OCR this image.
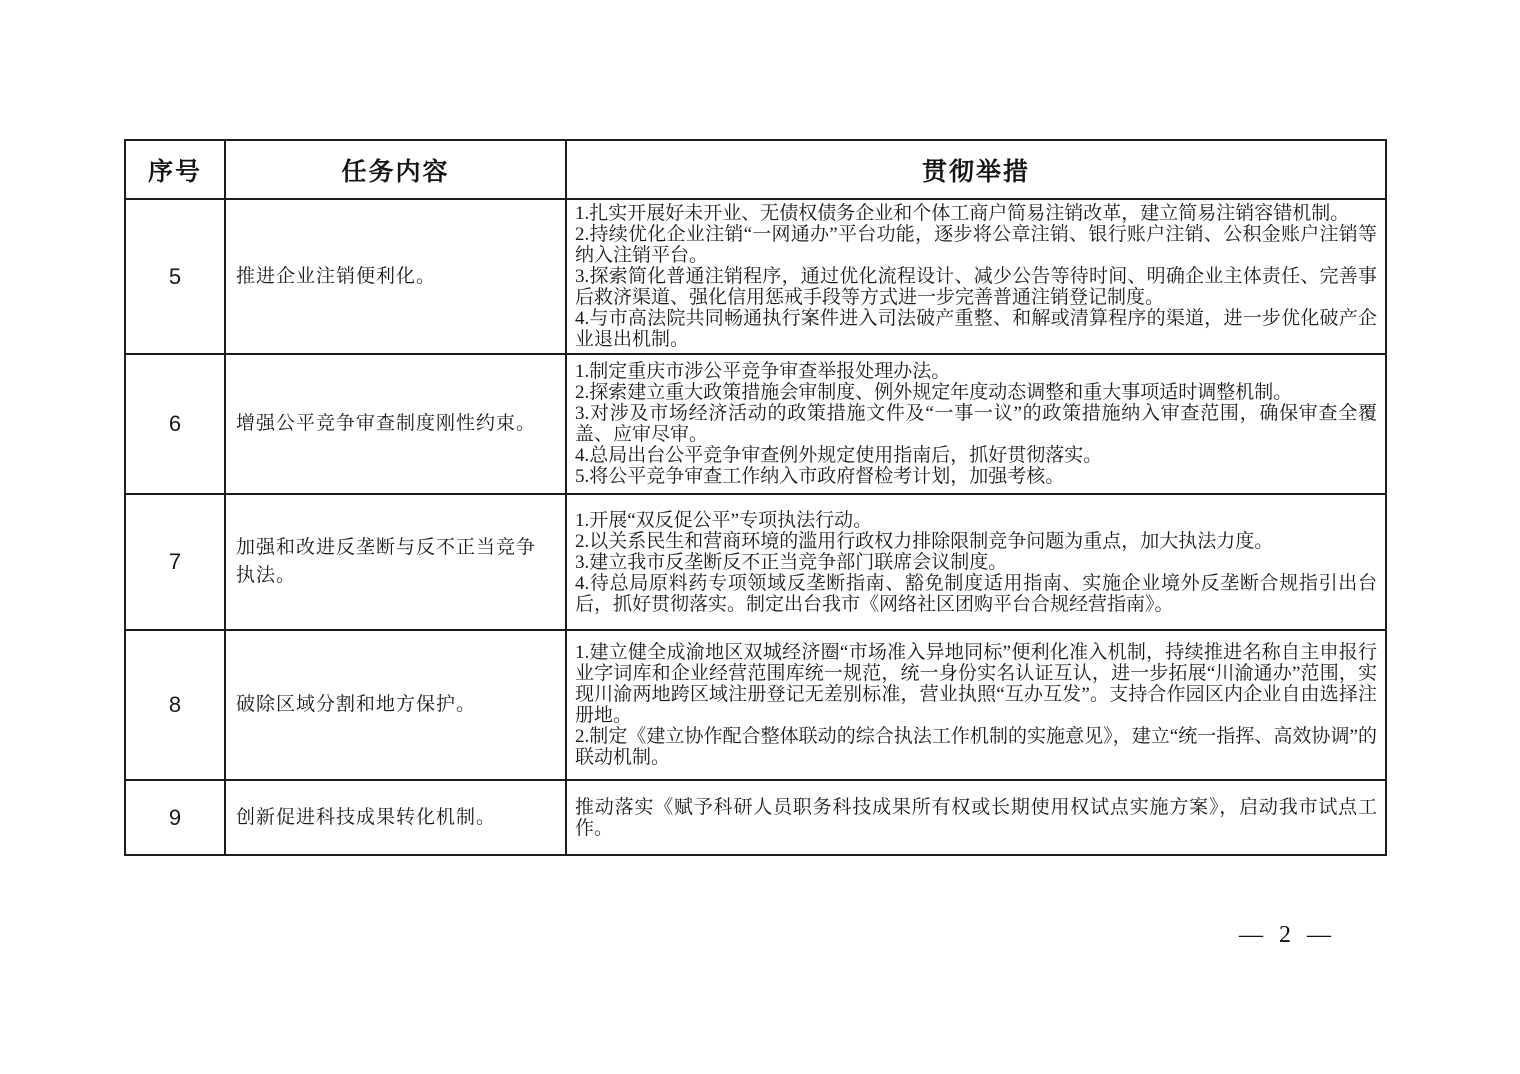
序号	任务内容	贯彻举措
5	推进企业注销便利化。	1.扎实开展好未开业、无债权债务企业和个体工商户简易注销改革，建立简易注销容错机制。

2.持续优化企业注销“一网通办”平台功能，逐步将公章注销、银行账户注销、公积金账户注销等纳入注销平台。

3.探索简化普通注销程序，通过优化流程设计、减少公告等待时间、明确企业主体责任、完善事后救济渠道、强化信用惩戒手段等方式进一步完善普通注销登记制度。

4.与市高法院共同畅通执行案件进入司法破产重整、和解或清算程序的渠道，进一步优化破产企业退出机制。

6	增强公平竞争审查制度刚性约束。	1.制定重庆市涉公平竞争审查举报处理办法。

2.探索建立重大政策措施会审制度、例外规定年度动态调整和重大事项适时调整机制。

3.对涉及市场经济活动的政策措施文件及“一事一议”的政策措施纳入审查范围，确保审查全覆盖、应审尽审。

4.总局出台公平竞争审查例外规定使用指南后，抓好贯彻落实。

5.将公平竞争审查工作纳入市政府督检考计划，加强考核。

7	加强和改进反垄断与反不正当竞争执法。	1.开展“双反促公平”专项执法行动。

2.以关系民生和营商环境的滥用行政权力排除限制竞争问题为重点，加大执法力度。

3.建立我市反垄断反不正当竞争部门联席会议制度。

4.待总局原料药专项领域反垄断指南、豁免制度适用指南、实施企业境外反垄断合规指引出台后，抓好贯彻落实。制定出台我市《网络社区团购平台合规经营指南》。

8	破除区域分割和地方保护。	1.建立健全成渝地区双城经济圈“市场准入异地同标”便利化准入机制，持续推进名称自主申报行业字词库和企业经营范围库统一规范，统一身份实名认证互认，进一步拓展“川渝通办”范围，实现川渝两地跨区域注册登记无差别标准，营业执照“互办互发”。支持合作园区内企业自由选择注册地。

2.制定《建立协作配合整体联动的综合执法工作机制的实施意见》，建立“统一指挥、高效协调”的联动机制。

9	创新促进科技成果转化机制。	推动落实《赋予科研人员职务科技成果所有权或长期使用权试点实施方案》，启动我市试点工作。

— 2 —
